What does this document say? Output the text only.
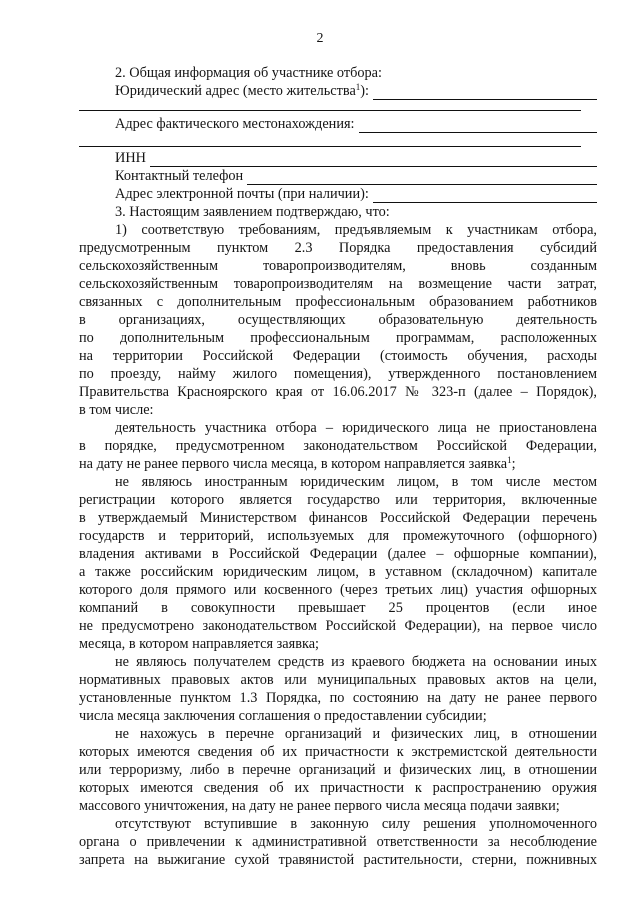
2
2. Общая информация об участнике отбора:
Юридический адрес (место жительства$^1$):
Адрес фактического местонахождения:
ИНН
Контактный телефон
Адрес электронной почты (при наличии):
3. Настоящим заявлением подтверждаю, что:
1) соответствую требованиям, предъявляемым к участникам отбора,
предусмотренным пунктом 2.3 Порядка предоставления субсидий
сельскохозяйственным товаропроизводителям, вновь созданным
сельскохозяйственным товаропроизводителям на возмещение части затрат,
связанных с дополнительным профессиональным образованием работников
в организациях, осуществляющих образовательную деятельность
по дополнительным профессиональным программам, расположенных
на территории Российской Федерации (стоимость обучения, расходы
по проезду, найму жилого помещения), утвержденного постановлением
Правительства Красноярского края от 16.06.2017 № 323-п (далее – Порядок),
в том числе:
деятельность участника отбора – юридического лица не приостановлена
в порядке, предусмотренном законодательством Российской Федерации,
на дату не ранее первого числа месяца, в котором направляется заявка$^1$;
не являюсь иностранным юридическим лицом, в том числе местом
регистрации которого является государство или территория, включенные
в утверждаемый Министерством финансов Российской Федерации перечень
государств и территорий, используемых для промежуточного (офшорного)
владения активами в Российской Федерации (далее – офшорные компании),
а также российским юридическим лицом, в уставном (складочном) капитале
которого доля прямого или косвенного (через третьих лиц) участия офшорных
компаний в совокупности превышает 25 процентов (если иное
не предусмотрено законодательством Российской Федерации), на первое число
месяца, в котором направляется заявка;
не являюсь получателем средств из краевого бюджета на основании иных
нормативных правовых актов или муниципальных правовых актов на цели,
установленные пунктом 1.3 Порядка, по состоянию на дату не ранее первого
числа месяца заключения соглашения о предоставлении субсидии;
не нахожусь в перечне организаций и физических лиц, в отношении
которых имеются сведения об их причастности к экстремистской деятельности
или терроризму, либо в перечне организаций и физических лиц, в отношении
которых имеются сведения об их причастности к распространению оружия
массового уничтожения, на дату не ранее первого числа месяца подачи заявки;
отсутствуют вступившие в законную силу решения уполномоченного
органа о привлечении к административной ответственности за несоблюдение
запрета на выжигание сухой травянистой растительности, стерни, пожнивных
